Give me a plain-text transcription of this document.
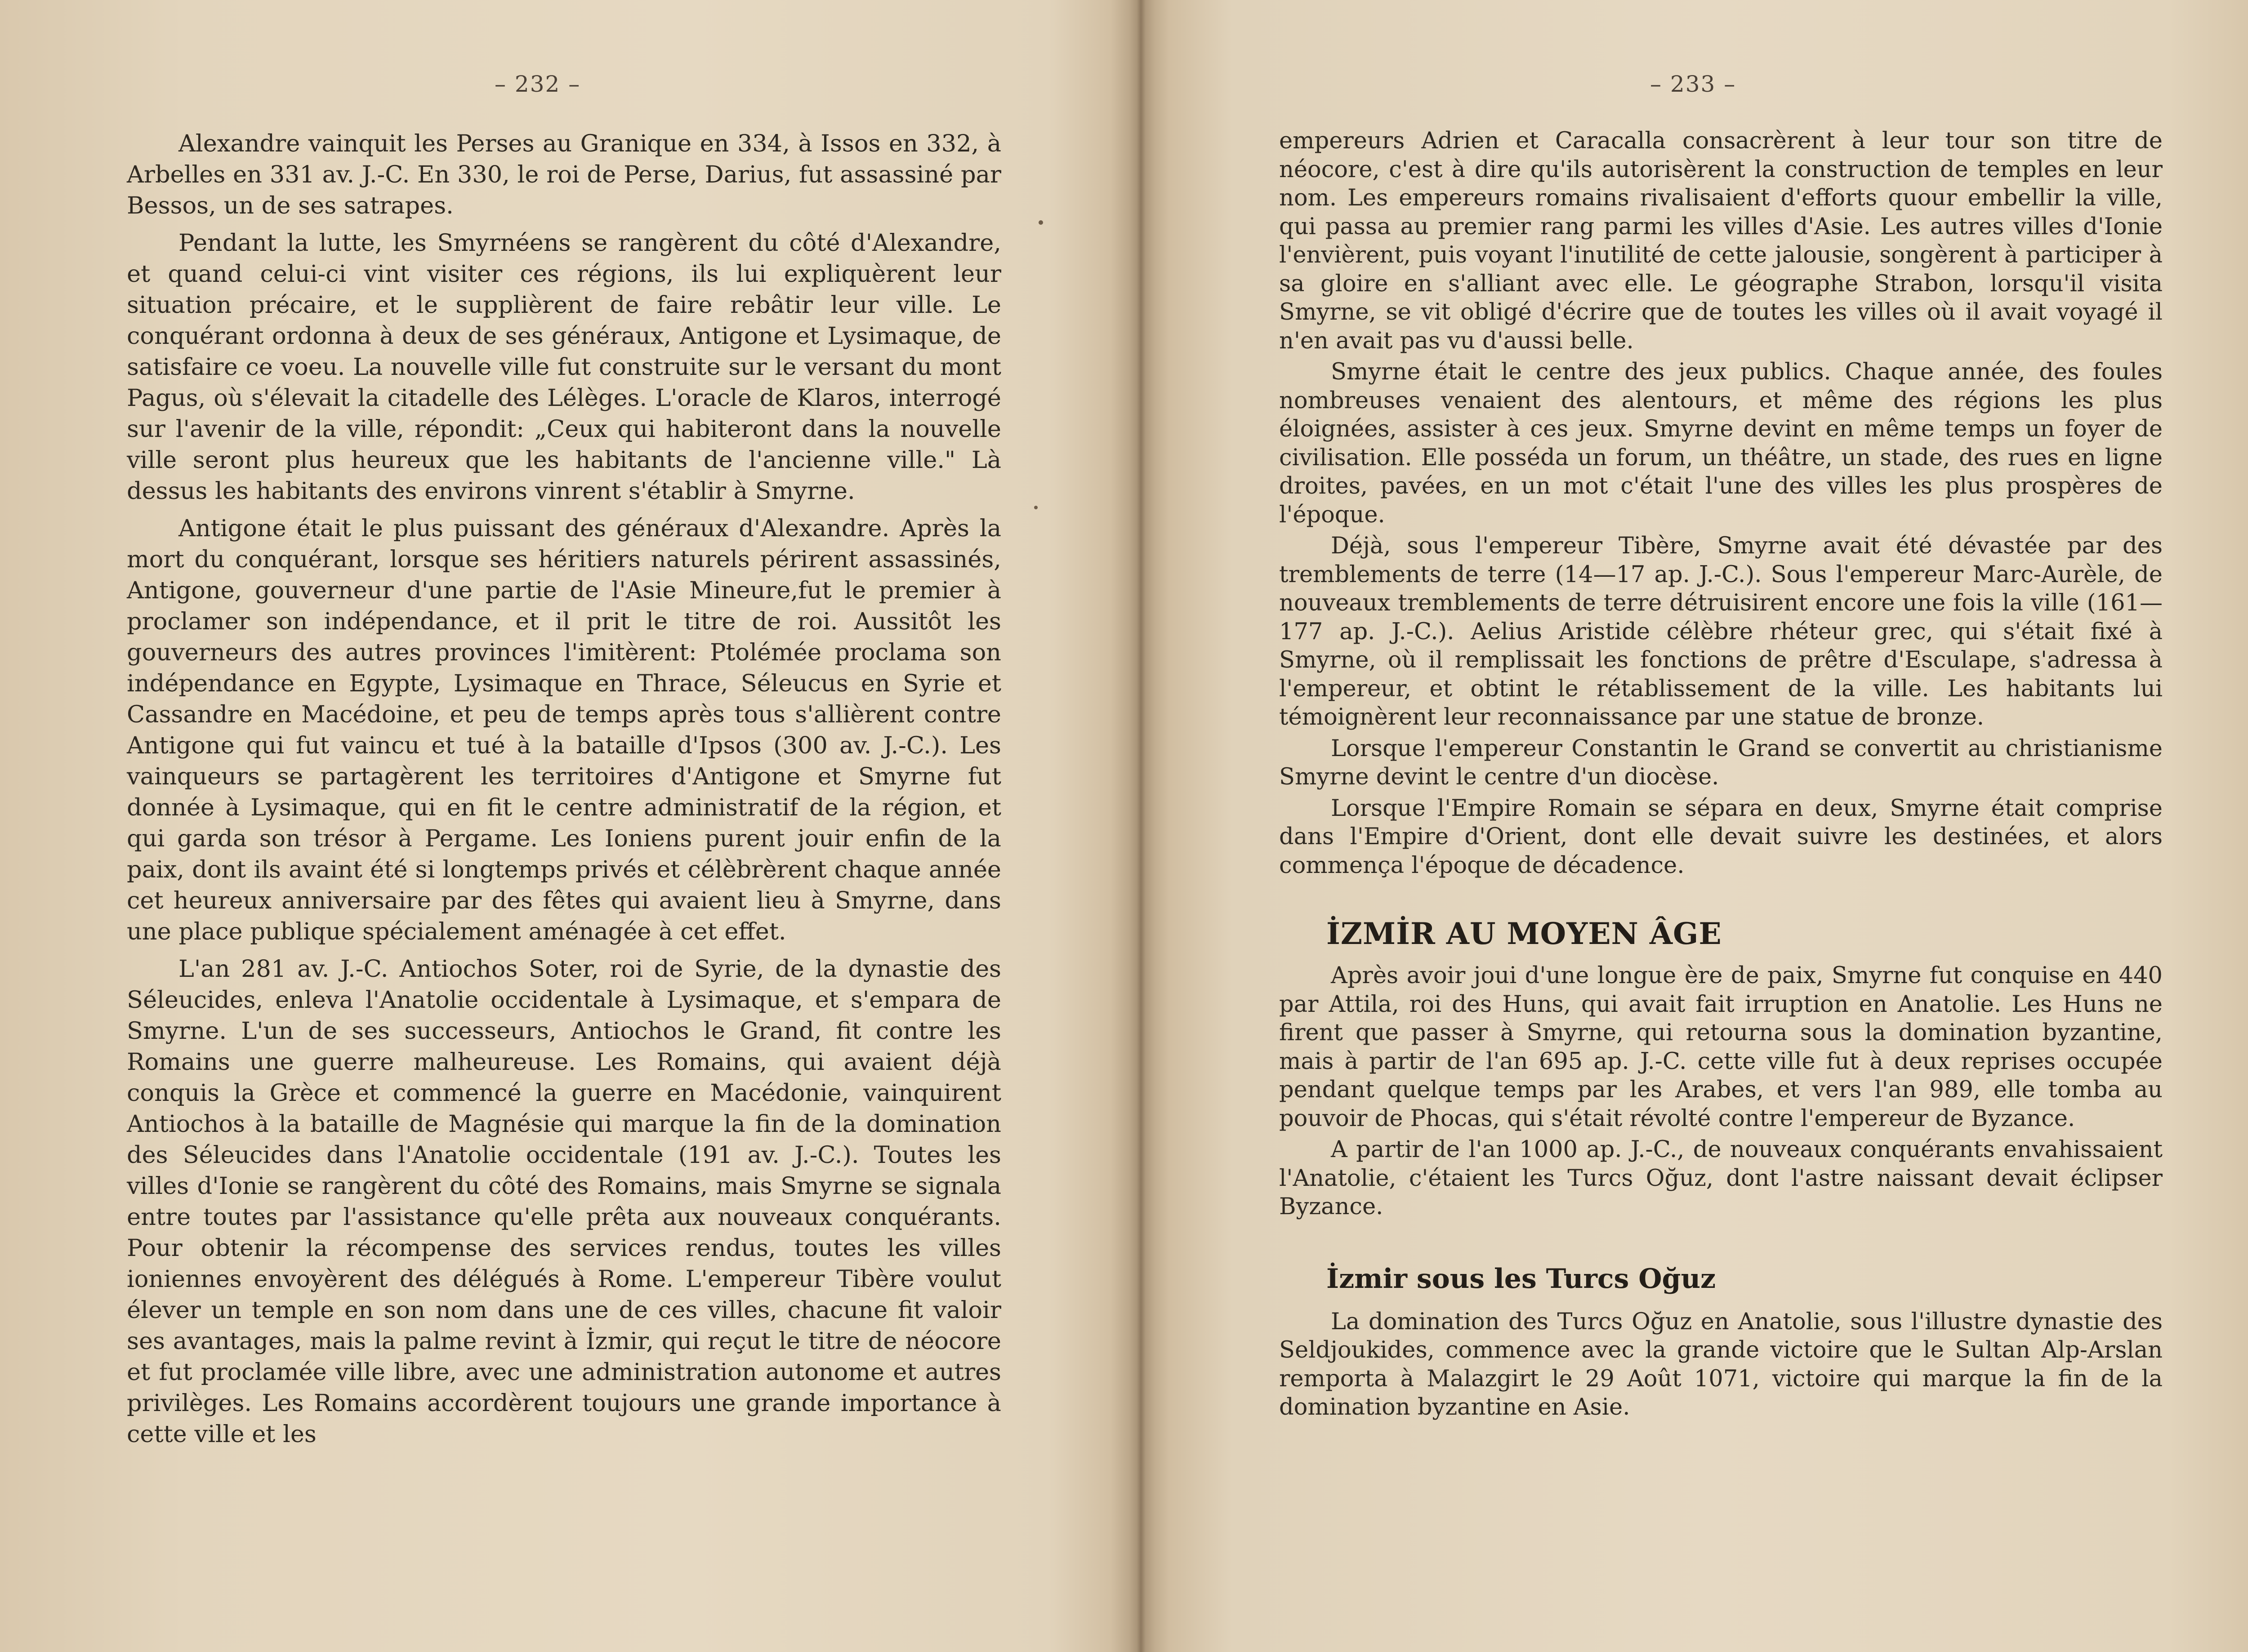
– 232 –

Alexandre vainquit les Perses au Granique en 334, à Issos en 332, à Arbelles en 331 av. J.-C. En 330, le roi de Perse, Darius, fut assassiné par Bessos, un de ses satrapes.

Pendant la lutte, les Smyrnéens se rangèrent du côté d'Alexandre, et quand celui-ci vint visiter ces régions, ils lui expliquèrent leur situation précaire, et le supplièrent de faire rebâtir leur ville. Le conquérant ordonna à deux de ses généraux, Antigone et Lysimaque, de satisfaire ce voeu. La nouvelle ville fut construite sur le versant du mont Pagus, où s'élevait la citadelle des Lélèges. L'oracle de Klaros, interrogé sur l'avenir de la ville, répondit: „Ceux qui habiteront dans la nouvelle ville seront plus heureux que les habitants de l'ancienne ville." Là dessus les habitants des environs vinrent s'établir à Smyrne.

Antigone était le plus puissant des généraux d'Alexandre. Après la mort du conquérant, lorsque ses héritiers naturels périrent assassinés, Antigone, gouverneur d'une partie de l'Asie Mineure,fut le premier à proclamer son indépendance, et il prit le titre de roi. Aussitôt les gouverneurs des autres provinces l'imitèrent: Ptolémée proclama son indépendance en Egypte, Lysimaque en Thrace, Séleucus en Syrie et Cassandre en Macédoine, et peu de temps après tous s'allièrent contre Antigone qui fut vaincu et tué à la bataille d'Ipsos (300 av. J.-C.). Les vainqueurs se partagèrent les territoires d'Antigone et Smyrne fut donnée à Lysimaque, qui en fit le centre administratif de la région, et qui garda son trésor à Pergame. Les Ioniens purent jouir enfin de la paix, dont ils avaint été si longtemps privés et célèbrèrent chaque année cet heureux anniversaire par des fêtes qui avaient lieu à Smyrne, dans une place publique spécialement aménagée à cet effet.

L'an 281 av. J.-C. Antiochos Soter, roi de Syrie, de la dynastie des Séleucides, enleva l'Anatolie occidentale à Lysimaque, et s'empara de Smyrne. L'un de ses successeurs, Antiochos le Grand, fit contre les Romains une guerre malheureuse. Les Romains, qui avaient déjà conquis la Grèce et commencé la guerre en Macédonie, vainquirent Antiochos à la bataille de Magnésie qui marque la fin de la domination des Séleucides dans l'Anatolie occidentale (191 av. J.-C.). Toutes les villes d'Ionie se rangèrent du côté des Romains, mais Smyrne se signala entre toutes par l'assistance qu'elle prêta aux nouveaux conquérants. Pour obtenir la récompense des services rendus, toutes les villes ioniennes envoyèrent des délégués à Rome. L'empereur Tibère voulut élever un temple en son nom dans une de ces villes, chacune fit valoir ses avantages, mais la palme revint à İzmir, qui reçut le titre de néocore et fut proclamée ville libre, avec une administration autonome et autres privilèges. Les Romains accordèrent toujours une grande importance à cette ville et les

– 233 –

empereurs Adrien et Caracalla consacrèrent à leur tour son titre de néocore, c'est à dire qu'ils autorisèrent la construction de temples en leur nom. Les empereurs romains rivalisaient d'efforts quour embellir la ville, qui passa au premier rang parmi les villes d'Asie. Les autres villes d'Ionie l'envièrent, puis voyant l'inutilité de cette jalousie, songèrent à participer à sa gloire en s'alliant avec elle. Le géographe Strabon, lorsqu'il visita Smyrne, se vit obligé d'écrire que de toutes les villes où il avait voyagé il n'en avait pas vu d'aussi belle.

Smyrne était le centre des jeux publics. Chaque année, des foules nombreuses venaient des alentours, et même des régions les plus éloignées, assister à ces jeux. Smyrne devint en même temps un foyer de civilisation. Elle posséda un forum, un théâtre, un stade, des rues en ligne droites, pavées, en un mot c'était l'une des villes les plus prospères de l'époque.

Déjà, sous l'empereur Tibère, Smyrne avait été dévastée par des tremblements de terre (14—17 ap. J.-C.). Sous l'empereur Marc-Aurèle, de nouveaux tremblements de terre détruisirent encore une fois la ville (161—177 ap. J.-C.). Aelius Aristide célèbre rhéteur grec, qui s'était fixé à Smyrne, où il remplissait les fonctions de prêtre d'Esculape, s'adressa à l'empereur, et obtint le rétablissement de la ville. Les habitants lui témoignèrent leur reconnaissance par une statue de bronze.

Lorsque l'empereur Constantin le Grand se convertit au christianisme Smyrne devint le centre d'un diocèse.

Lorsque l'Empire Romain se sépara en deux, Smyrne était comprise dans l'Empire d'Orient, dont elle devait suivre les destinées, et alors commença l'époque de décadence.

İZMİR AU MOYEN ÂGE

Après avoir joui d'une longue ère de paix, Smyrne fut conquise en 440 par Attila, roi des Huns, qui avait fait irruption en Anatolie. Les Huns ne firent que passer à Smyrne, qui retourna sous la domination byzantine, mais à partir de l'an 695 ap. J.-C. cette ville fut à deux reprises occupée pendant quelque temps par les Arabes, et vers l'an 989, elle tomba au pouvoir de Phocas, qui s'était révolté contre l'empereur de Byzance.

A partir de l'an 1000 ap. J.-C., de nouveaux conquérants envahissaient l'Anatolie, c'étaient les Turcs Oğuz, dont l'astre naissant devait éclipser Byzance.

İzmir sous les Turcs Oğuz

La domination des Turcs Oğuz en Anatolie, sous l'illustre dynastie des Seldjoukides, commence avec la grande victoire que le Sultan Alp-Arslan remporta à Malazgirt le 29 Août 1071, victoire qui marque la fin de la domination byzantine en Asie.
